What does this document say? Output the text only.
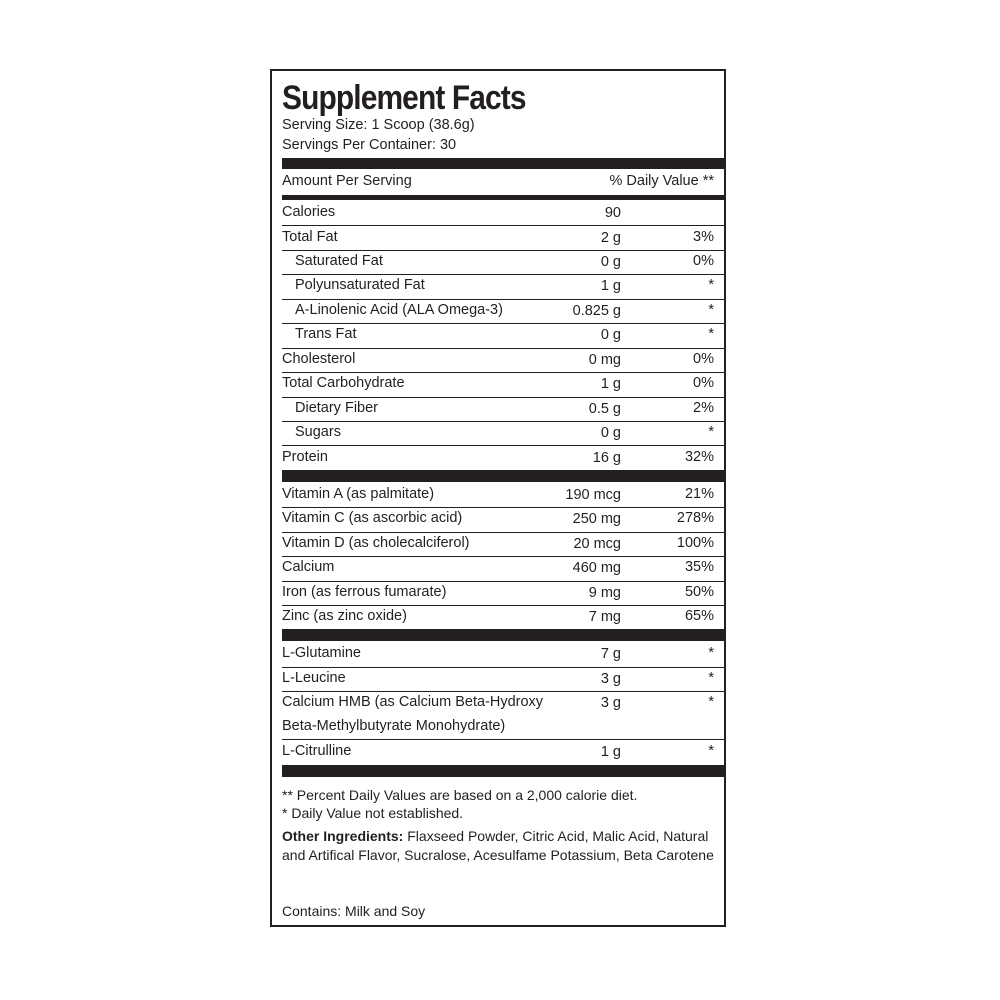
Supplement Facts
Serving Size: 1 Scoop (38.6g)
Servings Per Container: 30
Amount Per Serving	% Daily Value **
Calories	90
Total Fat	2 g	3%
Saturated Fat	0 g	0%
Polyunsaturated Fat	1 g	*
A-Linolenic Acid (ALA Omega-3)	0.825 g	*
Trans Fat	0 g	*
Cholesterol	0 mg	0%
Total Carbohydrate	1 g	0%
Dietary Fiber	0.5 g	2%
Sugars	0 g	*
Protein	16 g	32%
Vitamin A (as palmitate)	190 mcg	21%
Vitamin C (as ascorbic acid)	250 mg	278%
Vitamin D (as cholecalciferol)	20 mcg	100%
Calcium	460 mg	35%
Iron (as ferrous fumarate)	9 mg	50%
Zinc (as zinc oxide)	7 mg	65%
L-Glutamine	7 g	*
L-Leucine	3 g	*
Calcium HMB (as Calcium Beta-Hydroxy
Beta-Methylbutyrate Monohydrate)
3 g	*
L-Citrulline	1 g	*
** Percent Daily Values are based on a 2,000 calorie diet.
* Daily Value not established.
Other Ingredients: Flaxseed Powder, Citric Acid, Malic Acid, Natural and Artifical Flavor, Sucralose, Acesulfame Potassium, Beta Carotene
Contains: Milk and Soy
